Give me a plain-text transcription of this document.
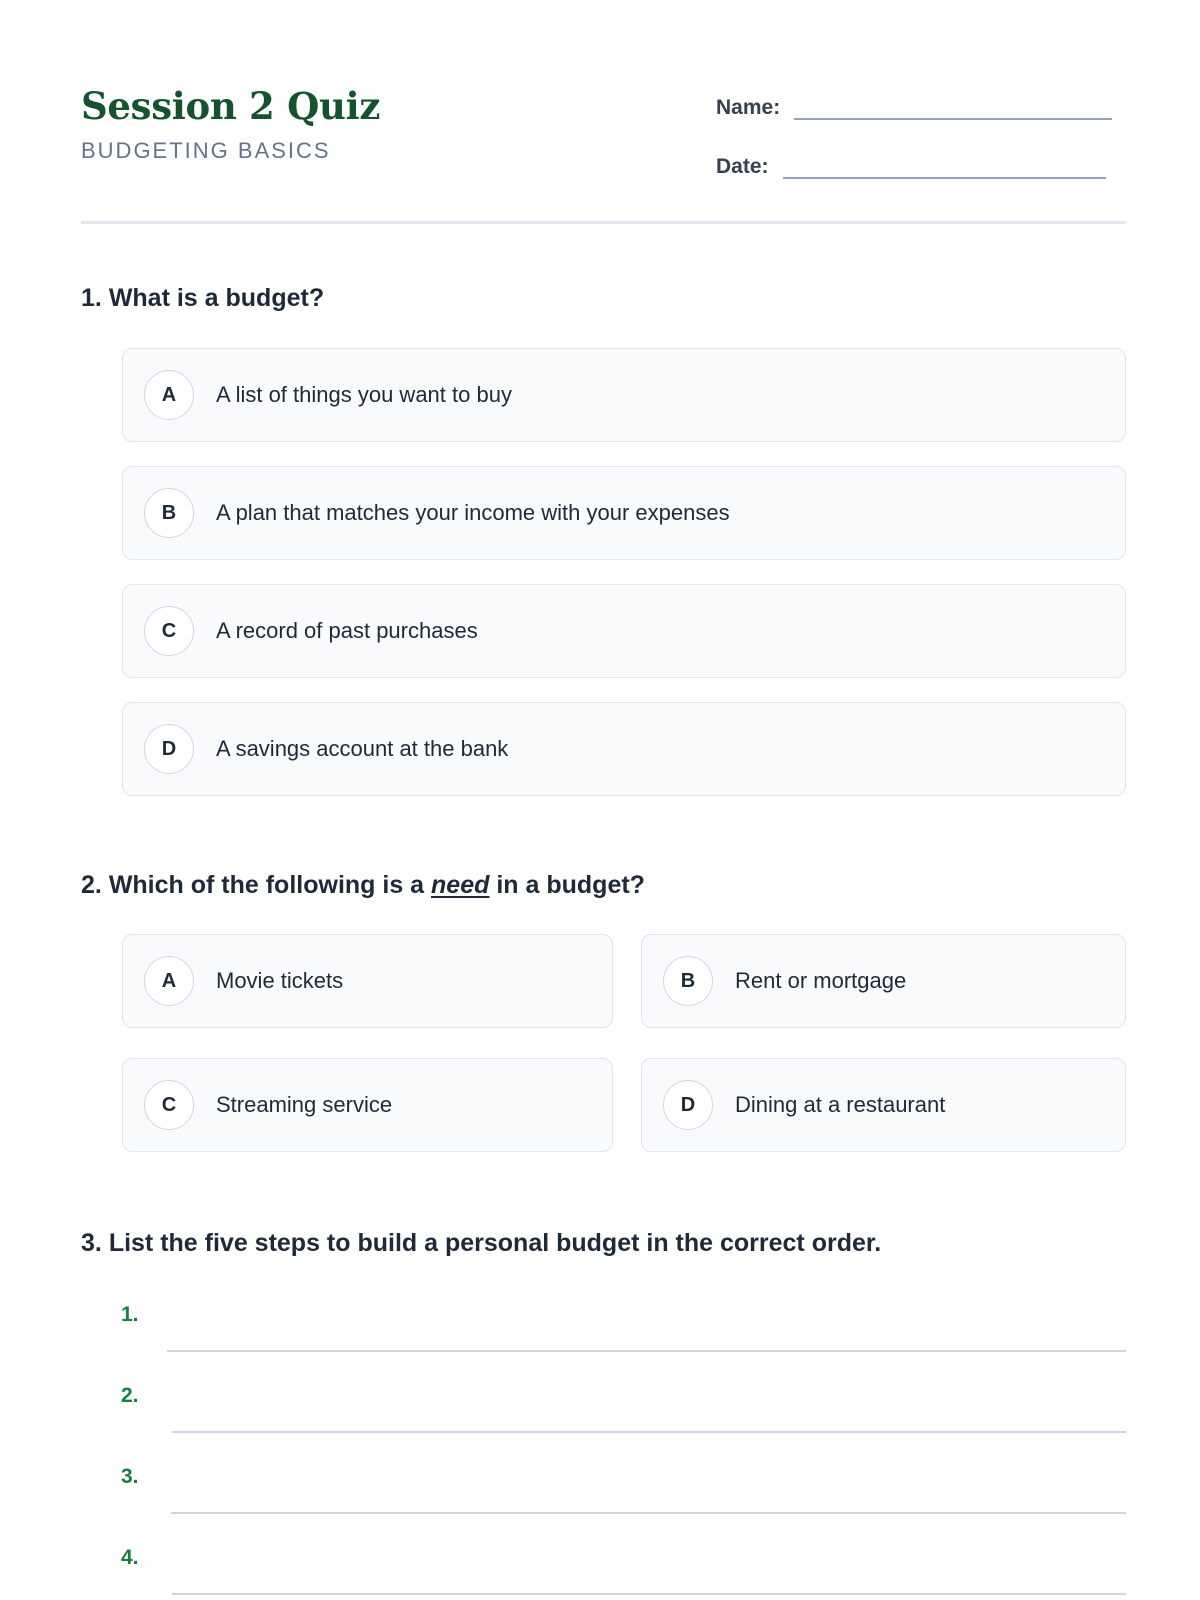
Session 2 Quiz
BUDGETING BASICS
Name:
Date:
1. What is a budget?
A	A list of things you want to buy
B	A plan that matches your income with your expenses
C	A record of past purchases
D	A savings account at the bank
2. Which of the following is a need in a budget?
A	Movie tickets	B	Rent or mortgage
C	Streaming service	D	Dining at a restaurant
3. List the five steps to build a personal budget in the correct order.
1.
2.
3.
4.
